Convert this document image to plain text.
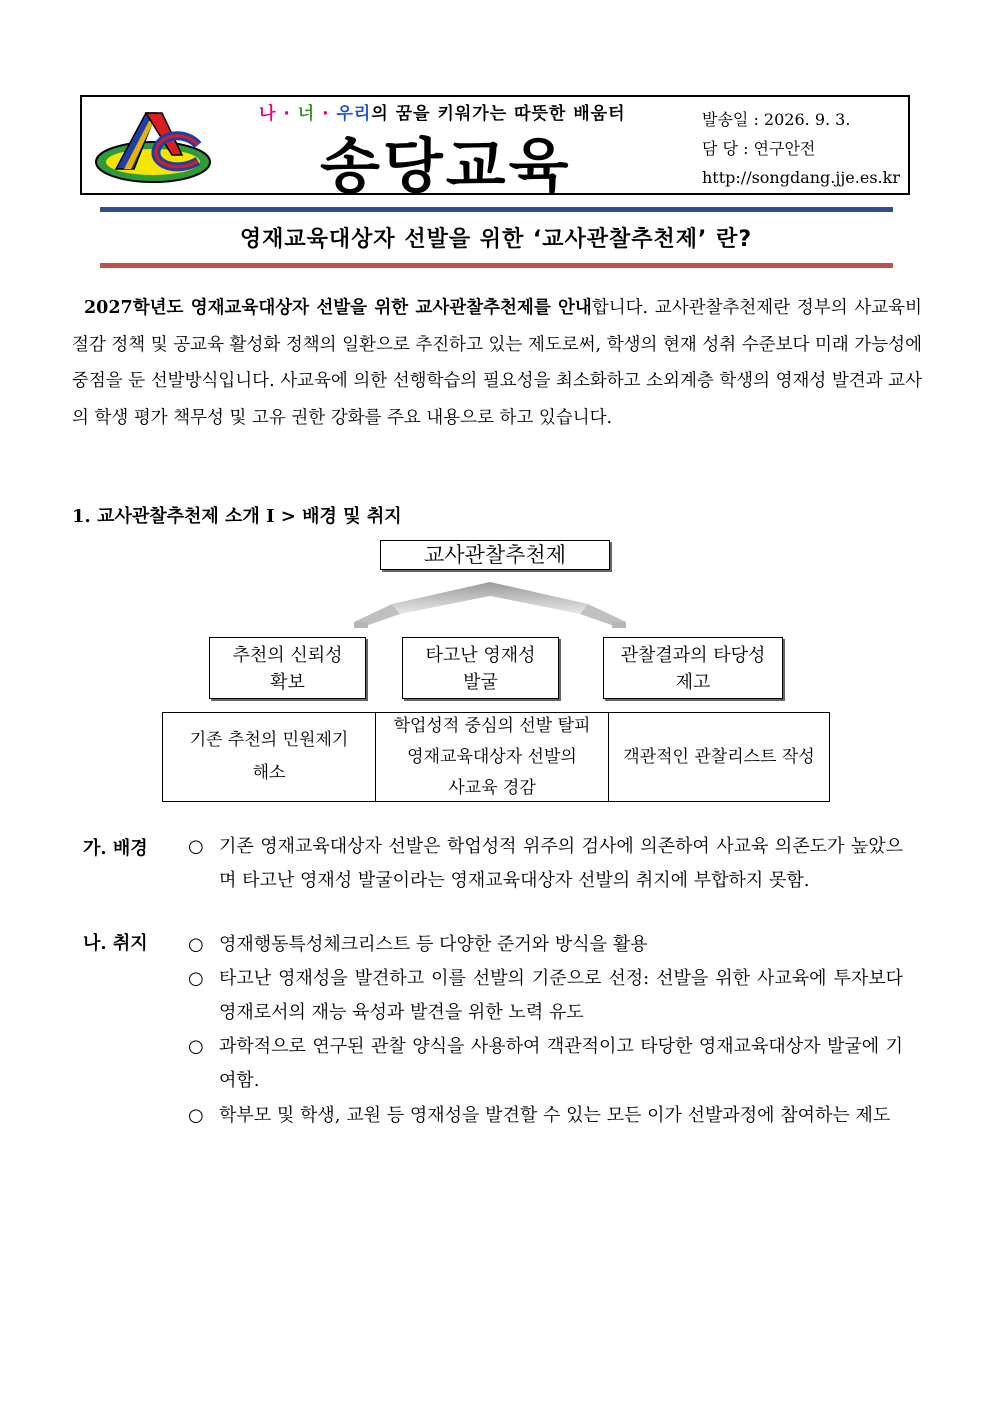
나 · 너 · 우리의 꿈을 키워가는 따뜻한 배움터
송당교육
발송일 : 2026. 9. 3.
담 당 : 연구안전
http://songdang.jje.es.kr
영재교육대상자 선발을 위한 ‘교사관찰추천제’ 란?
2027학년도 영재교육대상자 선발을 위한 교사관찰추천제를 안내합니다. 교사관찰추천제란 정부의 사교육비 절감 정책 및 공교육 활성화 정책의 일환으로 추진하고 있는 제도로써, 학생의 현재 성취 수준보다 미래 가능성에 중점을 둔 선발방식입니다. 사교육에 의한 선행학습의 필요성을 최소화하고 소외계층 학생의 영재성 발견과 교사의 학생 평가 책무성 및 고유 권한 강화를 주요 내용으로 하고 있습니다.
1. 교사관찰추천제 소개 Ⅰ > 배경 및 취지
교사관찰추천제
추천의 신뢰성
확보
타고난 영재성
발굴
관찰결과의 타당성
제고
기존 추천의 민원제기
해소
학업성적 중심의 선발 탈피
영재교육대상자 선발의
사교육 경감
객관적인 관찰리스트 작성
가. 배경 ○ 기존 영재교육대상자 선발은 학업성적 위주의 검사에 의존하여 사교육 의존도가 높았으며 타고난 영재성 발굴이라는 영재교육대상자 선발의 취지에 부합하지 못함.
나. 취지 ○ 영재행동특성체크리스트 등 다양한 준거와 방식을 활용
○ 타고난 영재성을 발견하고 이를 선발의 기준으로 선정: 선발을 위한 사교육에 투자보다 영재로서의 재능 육성과 발견을 위한 노력 유도
○ 과학적으로 연구된 관찰 양식을 사용하여 객관적이고 타당한 영재교육대상자 발굴에 기여함.
○ 학부모 및 학생, 교원 등 영재성을 발견할 수 있는 모든 이가 선발과정에 참여하는 제도
